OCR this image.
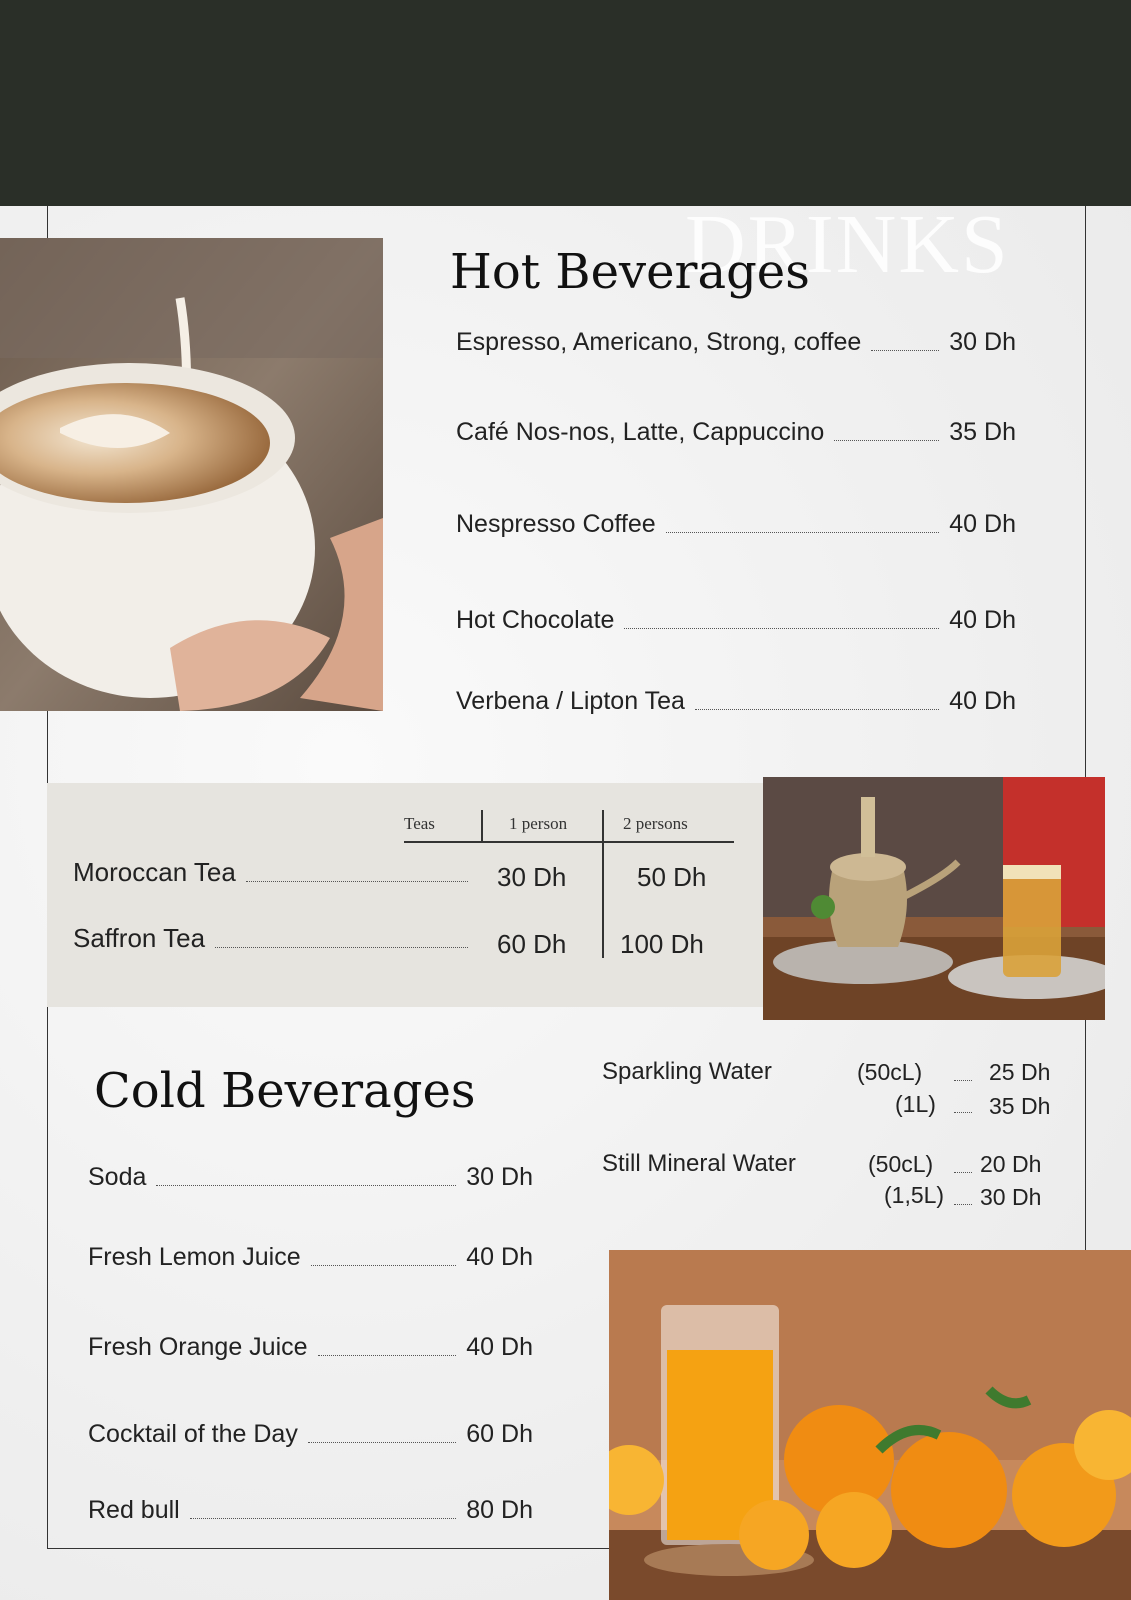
DRINKS
Hot Beverages
Espresso, Americano, Strong, coffee	30 Dh
Café Nos-nos, Latte, Cappuccino	35 Dh
Nespresso Coffee	40 Dh
Hot Chocolate	40 Dh
Verbena / Lipton Tea	40 Dh
Teas	1 person	2 persons
Moroccan Tea	30 Dh	50 Dh
Saffron Tea	60 Dh 100 Dh
Cold Beverages
Soda	30 Dh
Fresh Lemon Juice	40 Dh
Fresh Orange Juice	40 Dh
Cocktail of the Day	60 Dh
Red bull	80 Dh
Sparkling Water	(50cL)	25 Dh
(1L) 35 Dh
Still Mineral Water	(50cL) 20 Dh
(1,5L) 30 Dh
